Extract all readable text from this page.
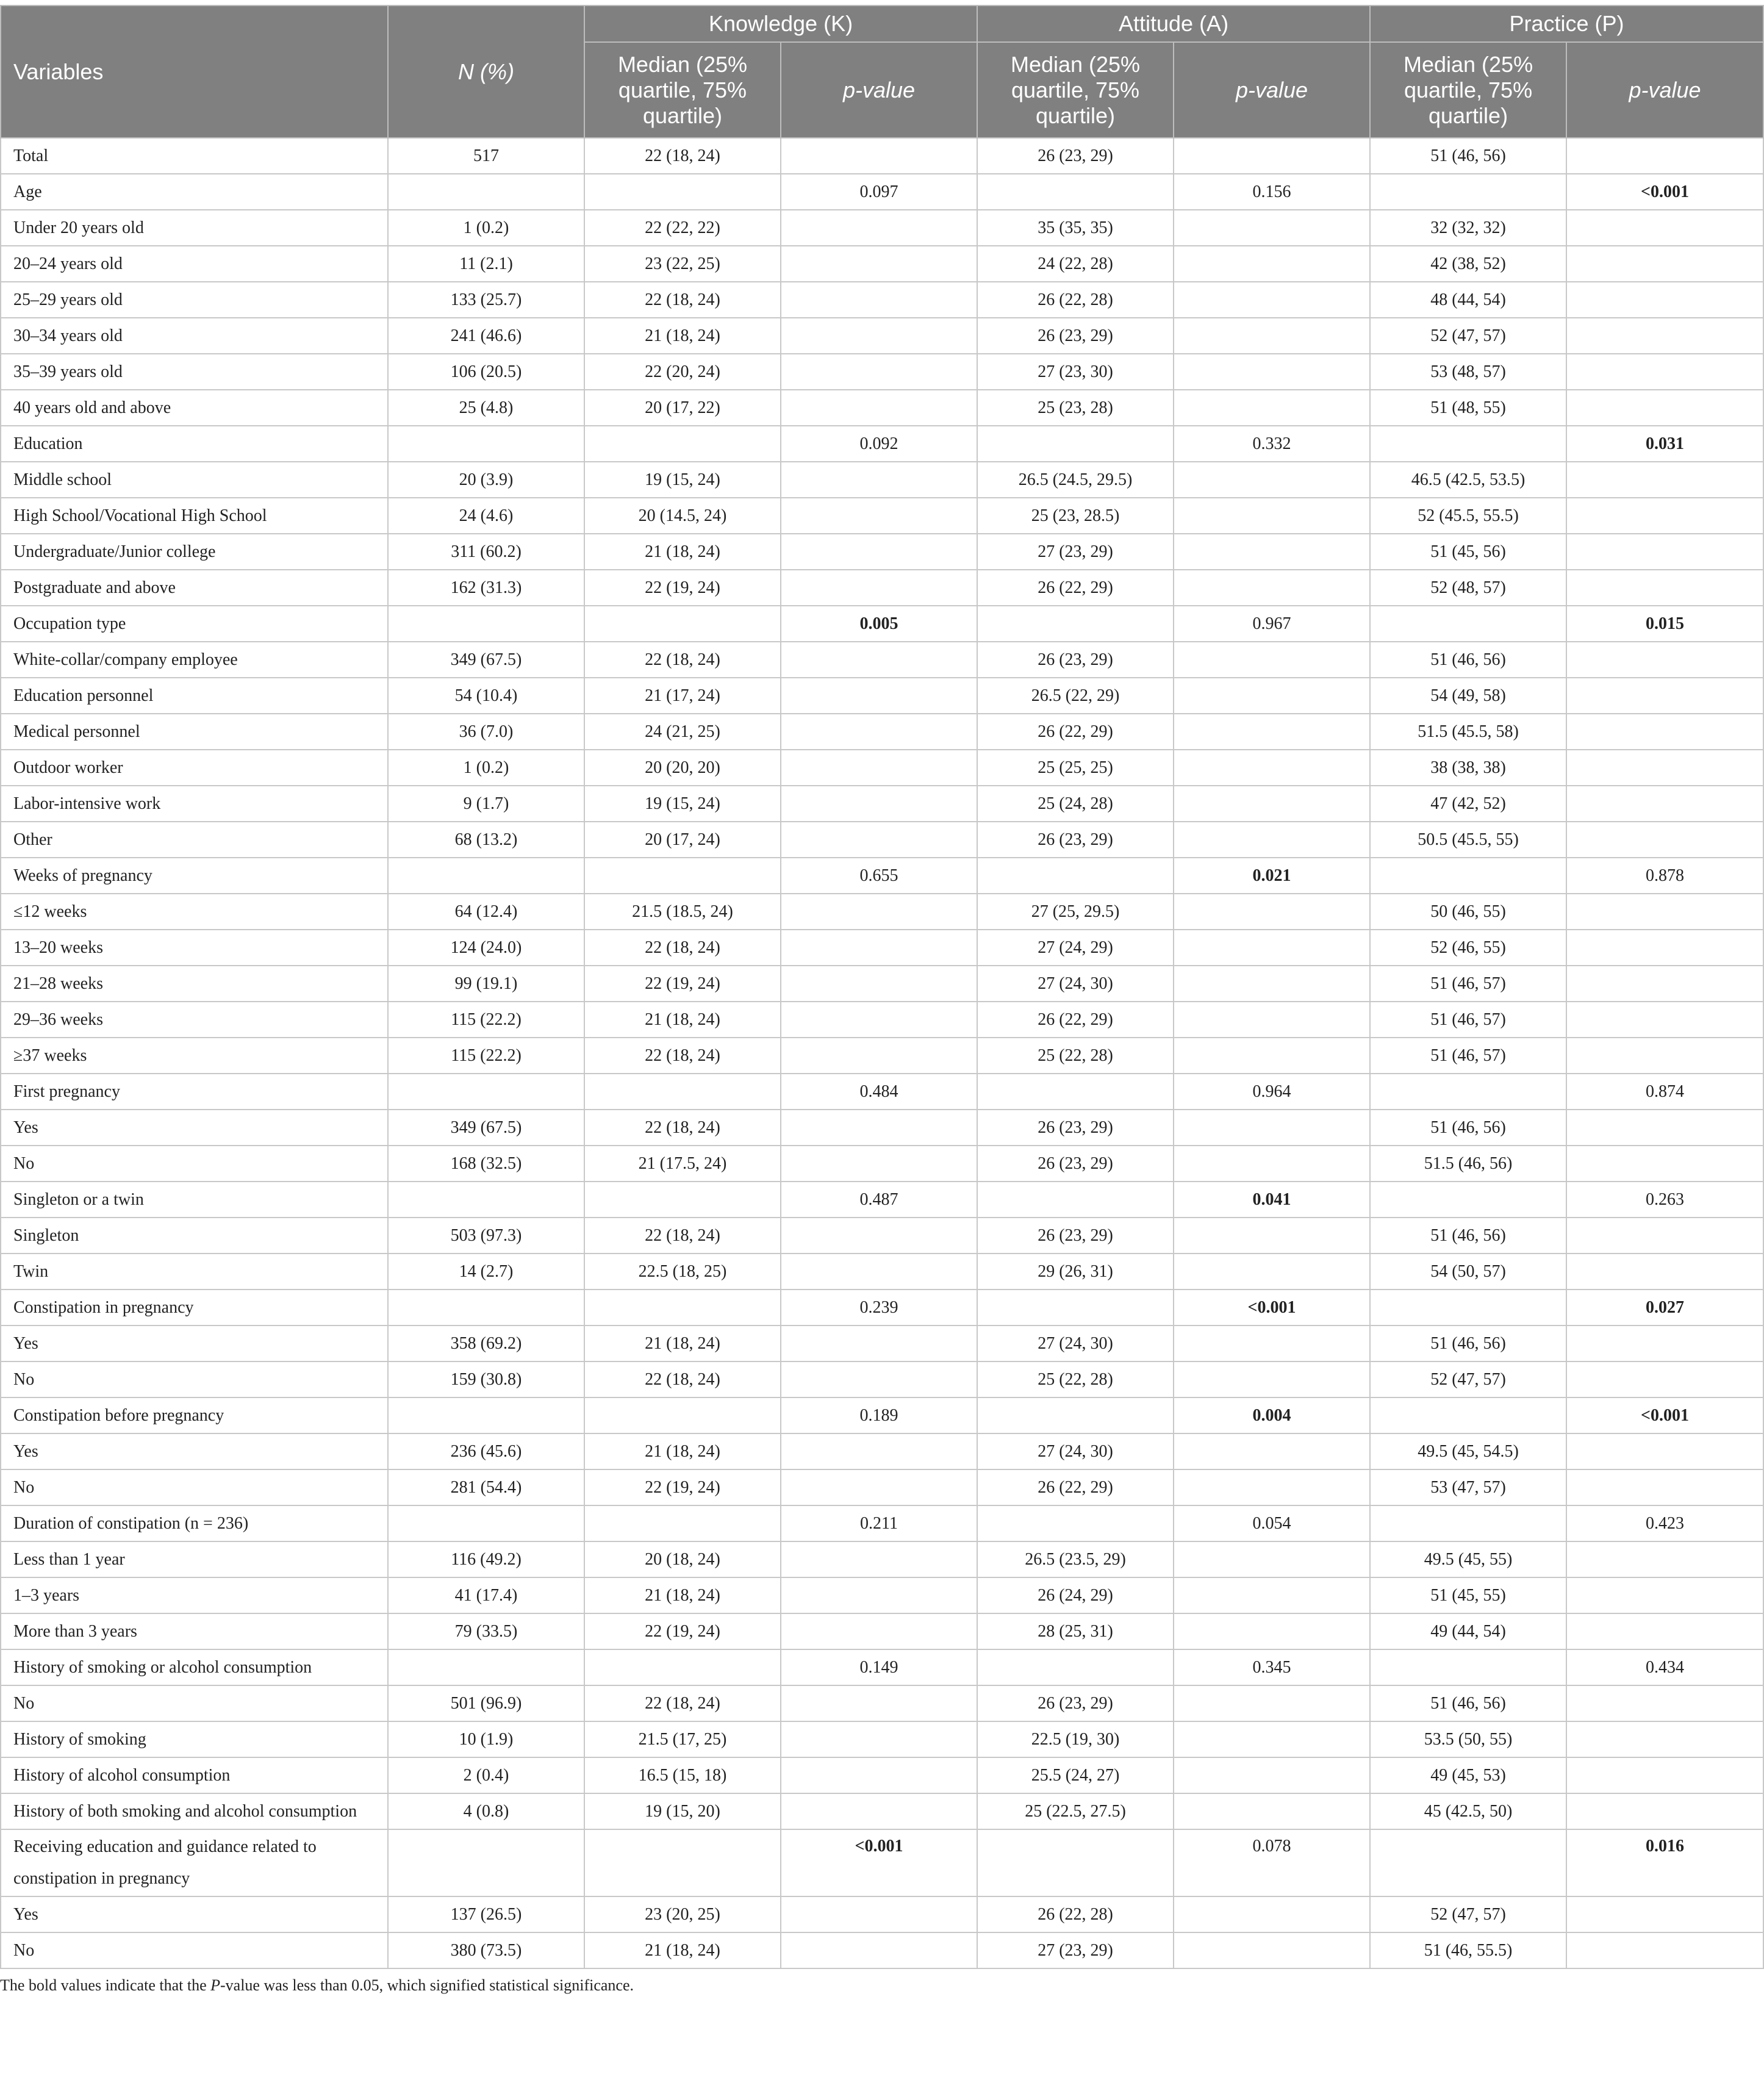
Variables	N (%)	Knowledge (K)		Attitude (A)		Practice (P)	
		Median (25% quartile, 75% quartile)	p-value	Median (25% quartile, 75% quartile)	p-value	Median (25% quartile, 75% quartile)	p-value
Total	517	22 (18, 24)		26 (23, 29)		51 (46, 56)	
Age			0.097		0.156		<0.001
Under 20 years old	1 (0.2)	22 (22, 22)		35 (35, 35)		32 (32, 32)	
20–24 years old	11 (2.1)	23 (22, 25)		24 (22, 28)		42 (38, 52)	
25–29 years old	133 (25.7)	22 (18, 24)		26 (22, 28)		48 (44, 54)	
30–34 years old	241 (46.6)	21 (18, 24)		26 (23, 29)		52 (47, 57)	
35–39 years old	106 (20.5)	22 (20, 24)		27 (23, 30)		53 (48, 57)	
40 years old and above	25 (4.8)	20 (17, 22)		25 (23, 28)		51 (48, 55)	
Education			0.092		0.332		0.031
Middle school	20 (3.9)	19 (15, 24)		26.5 (24.5, 29.5)		46.5 (42.5, 53.5)	
High School/Vocational High School	24 (4.6)	20 (14.5, 24)		25 (23, 28.5)		52 (45.5, 55.5)	
Undergraduate/Junior college	311 (60.2)	21 (18, 24)		27 (23, 29)		51 (45, 56)	
Postgraduate and above	162 (31.3)	22 (19, 24)		26 (22, 29)		52 (48, 57)	
Occupation type			0.005		0.967		0.015
White-collar/company employee	349 (67.5)	22 (18, 24)		26 (23, 29)		51 (46, 56)	
Education personnel	54 (10.4)	21 (17, 24)		26.5 (22, 29)		54 (49, 58)	
Medical personnel	36 (7.0)	24 (21, 25)		26 (22, 29)		51.5 (45.5, 58)	
Outdoor worker	1 (0.2)	20 (20, 20)		25 (25, 25)		38 (38, 38)	
Labor-intensive work	9 (1.7)	19 (15, 24)		25 (24, 28)		47 (42, 52)	
Other	68 (13.2)	20 (17, 24)		26 (23, 29)		50.5 (45.5, 55)	
Weeks of pregnancy			0.655		0.021		0.878
≤12 weeks	64 (12.4)	21.5 (18.5, 24)		27 (25, 29.5)		50 (46, 55)	
13–20 weeks	124 (24.0)	22 (18, 24)		27 (24, 29)		52 (46, 55)	
21–28 weeks	99 (19.1)	22 (19, 24)		27 (24, 30)		51 (46, 57)	
29–36 weeks	115 (22.2)	21 (18, 24)		26 (22, 29)		51 (46, 57)	
≥37 weeks	115 (22.2)	22 (18, 24)		25 (22, 28)		51 (46, 57)	
First pregnancy			0.484		0.964		0.874
Yes	349 (67.5)	22 (18, 24)		26 (23, 29)		51 (46, 56)	
No	168 (32.5)	21 (17.5, 24)		26 (23, 29)		51.5 (46, 56)	
Singleton or a twin			0.487		0.041		0.263
Singleton	503 (97.3)	22 (18, 24)		26 (23, 29)		51 (46, 56)	
Twin	14 (2.7)	22.5 (18, 25)		29 (26, 31)		54 (50, 57)	
Constipation in pregnancy			0.239		<0.001		0.027
Yes	358 (69.2)	21 (18, 24)		27 (24, 30)		51 (46, 56)	
No	159 (30.8)	22 (18, 24)		25 (22, 28)		52 (47, 57)	
Constipation before pregnancy			0.189		0.004		<0.001
Yes	236 (45.6)	21 (18, 24)		27 (24, 30)		49.5 (45, 54.5)	
No	281 (54.4)	22 (19, 24)		26 (22, 29)		53 (47, 57)	
Duration of constipation (n = 236)			0.211		0.054		0.423
Less than 1 year	116 (49.2)	20 (18, 24)		26.5 (23.5, 29)		49.5 (45, 55)	
1–3 years	41 (17.4)	21 (18, 24)		26 (24, 29)		51 (45, 55)	
More than 3 years	79 (33.5)	22 (19, 24)		28 (25, 31)		49 (44, 54)	
History of smoking or alcohol consumption			0.149		0.345		0.434
No	501 (96.9)	22 (18, 24)		26 (23, 29)		51 (46, 56)	
History of smoking	10 (1.9)	21.5 (17, 25)		22.5 (19, 30)		53.5 (50, 55)	
History of alcohol consumption	2 (0.4)	16.5 (15, 18)		25.5 (24, 27)		49 (45, 53)	
History of both smoking and alcohol consumption	4 (0.8)	19 (15, 20)		25 (22.5, 27.5)		45 (42.5, 50)	
Receiving education and guidance related to constipation in pregnancy			<0.001		0.078		0.016
Yes	137 (26.5)	23 (20, 25)		26 (22, 28)		52 (47, 57)	
No	380 (73.5)	21 (18, 24)		27 (23, 29)		51 (46, 55.5)	

The bold values indicate that the P-value was less than 0.05, which signified statistical significance.
